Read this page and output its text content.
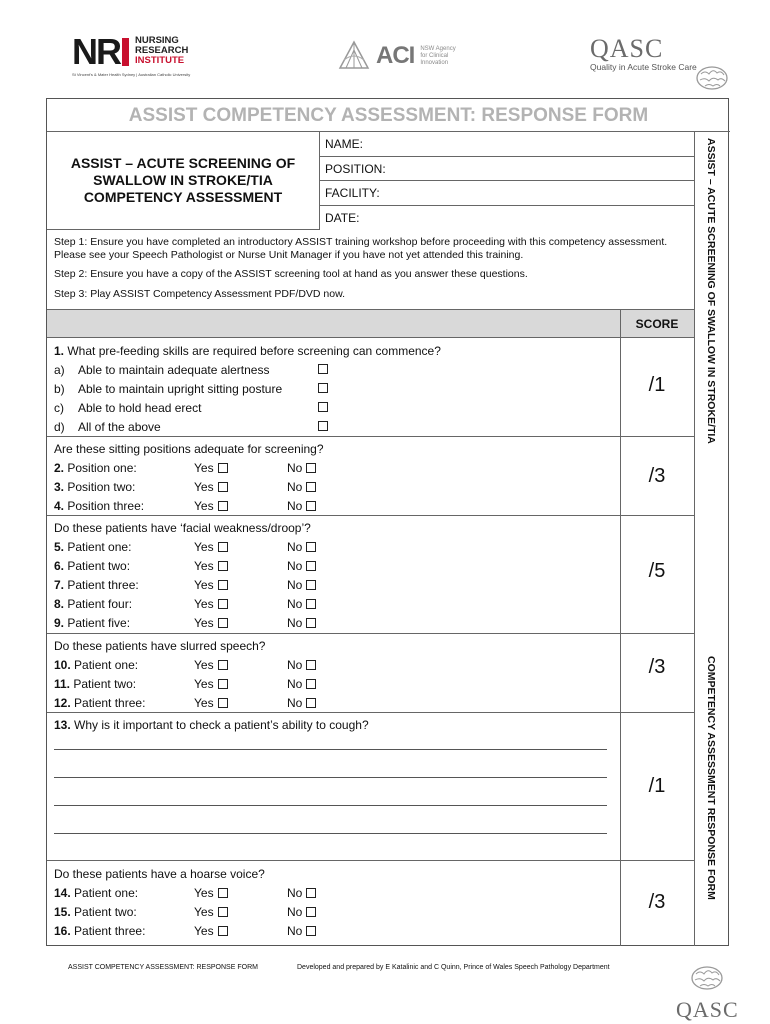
NR	NURSING
RESEARCH
INSTITUTE
St Vincent's & Mater Health Sydney | Australian Catholic University
ACI NSW Agency
for Clinical
Innovation	QASC
Quality in Acute Stroke Care
ASSIST COMPETENCY ASSESSMENT: RESPONSE FORM
ASSIST – ACUTE SCREENING OF SWALLOW IN STROKE/TIA
COMPETENCY ASSESSMENT RESPONSE FORM
ASSIST – ACUTE SCREENING OF SWALLOW IN STROKE/TIA COMPETENCY ASSESSMENT
NAME:
POSITION:
FACILITY:
DATE:

Step 1: Ensure you have completed an introductory ASSIST training workshop before proceeding with this competency assessment. Please see your Speech Pathologist or Nurse Unit Manager if you have not yet attended this training.

Step 2: Ensure you have a copy of the ASSIST screening tool at hand as you answer these questions.

Step 3: Play ASSIST Competency Assessment PDF/DVD now.

SCORE
1. What pre-feeding skills are required before screening can commence?
a) Able to maintain adequate alertness
b) Able to maintain upright sitting posture
c) Able to hold head erect
d) All of the above
/1
Are these sitting positions adequate for screening?
2. Position one:	Yes	No
3. Position two:	Yes	No
4. Position three:	Yes	No
/3
Do these patients have ‘facial weakness/droop’?
5. Patient one:	Yes	No
6. Patient two:	Yes	No
7. Patient three:	Yes	No
8. Patient four:	Yes	No
9. Patient five:	Yes	No
/5
Do these patients have slurred speech?
10. Patient one:	Yes	No
11. Patient two:	Yes	No
12. Patient three:	Yes	No
/3
13. Why is it important to check a patient’s ability to cough?
/1
Do these patients have a hoarse voice?
14. Patient one:	Yes	No
15. Patient two:	Yes	No
16. Patient three:	Yes	No
/3
ASSIST COMPETENCY ASSESSMENT: RESPONSE FORM	Developed and prepared by E Katalinic and C Quinn, Prince of Wales Speech Pathology Department
QASC
